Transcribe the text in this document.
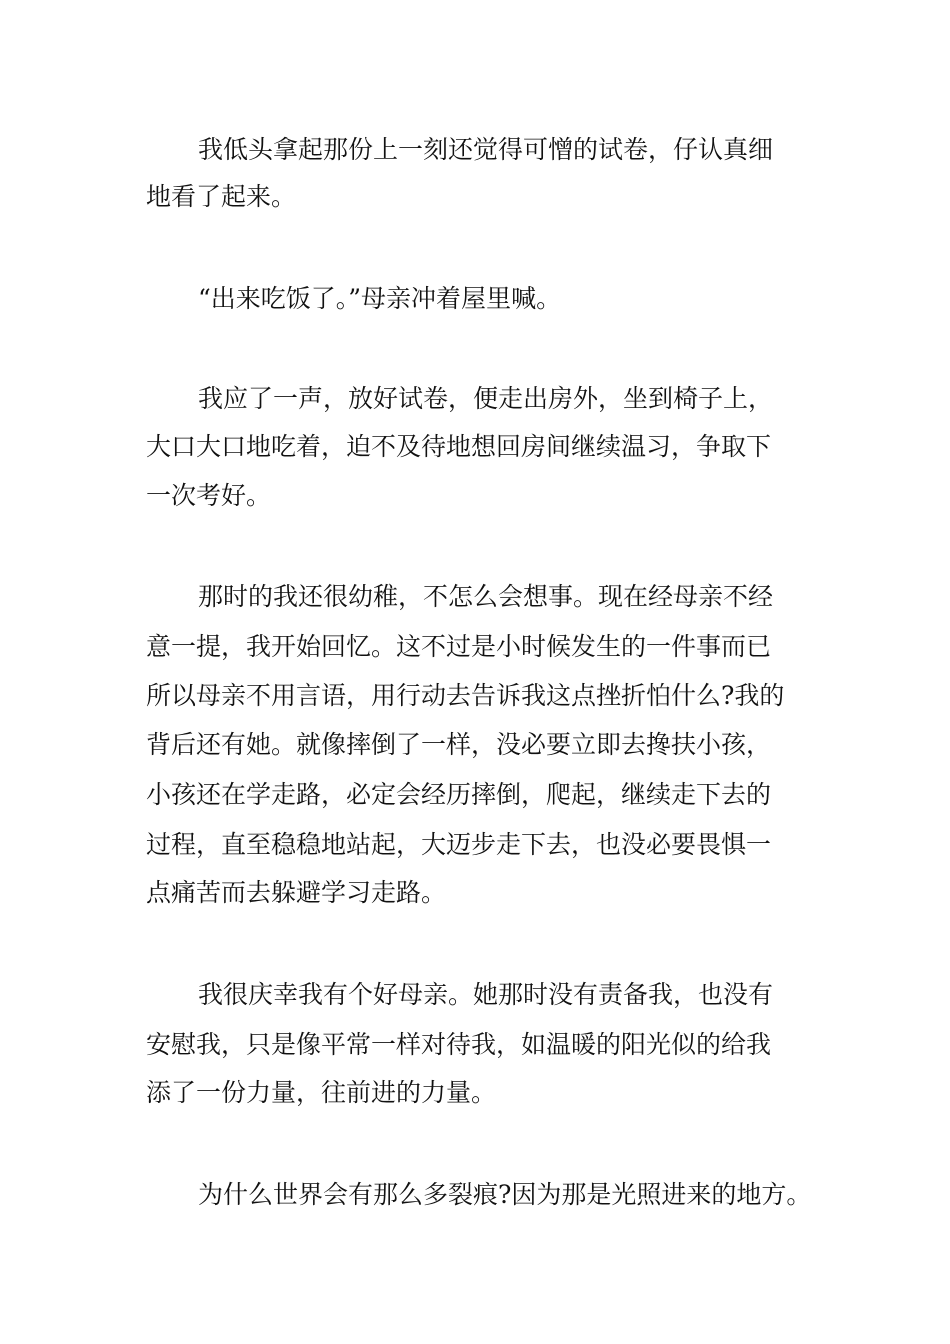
我低头拿起那份上一刻还觉得可憎的试卷，仔认真细

地看了起来。

“出来吃饭了。”母亲冲着屋里喊。

我应了一声，放好试卷，便走出房外，坐到椅子上，

大口大口地吃着，迫不及待地想回房间继续温习，争取下

一次考好。

那时的我还很幼稚，不怎么会想事。现在经母亲不经

意一提，我开始回忆。这不过是小时候发生的一件事而已

所以母亲不用言语，用行动去告诉我这点挫折怕什么?我的

背后还有她。就像摔倒了一样，没必要立即去搀扶小孩，

小孩还在学走路，必定会经历摔倒，爬起，继续走下去的

过程，直至稳稳地站起，大迈步走下去，也没必要畏惧一

点痛苦而去躲避学习走路。

我很庆幸我有个好母亲。她那时没有责备我，也没有

安慰我，只是像平常一样对待我，如温暖的阳光似的给我

添了一份力量，往前进的力量。

为什么世界会有那么多裂痕?因为那是光照进来的地方。
